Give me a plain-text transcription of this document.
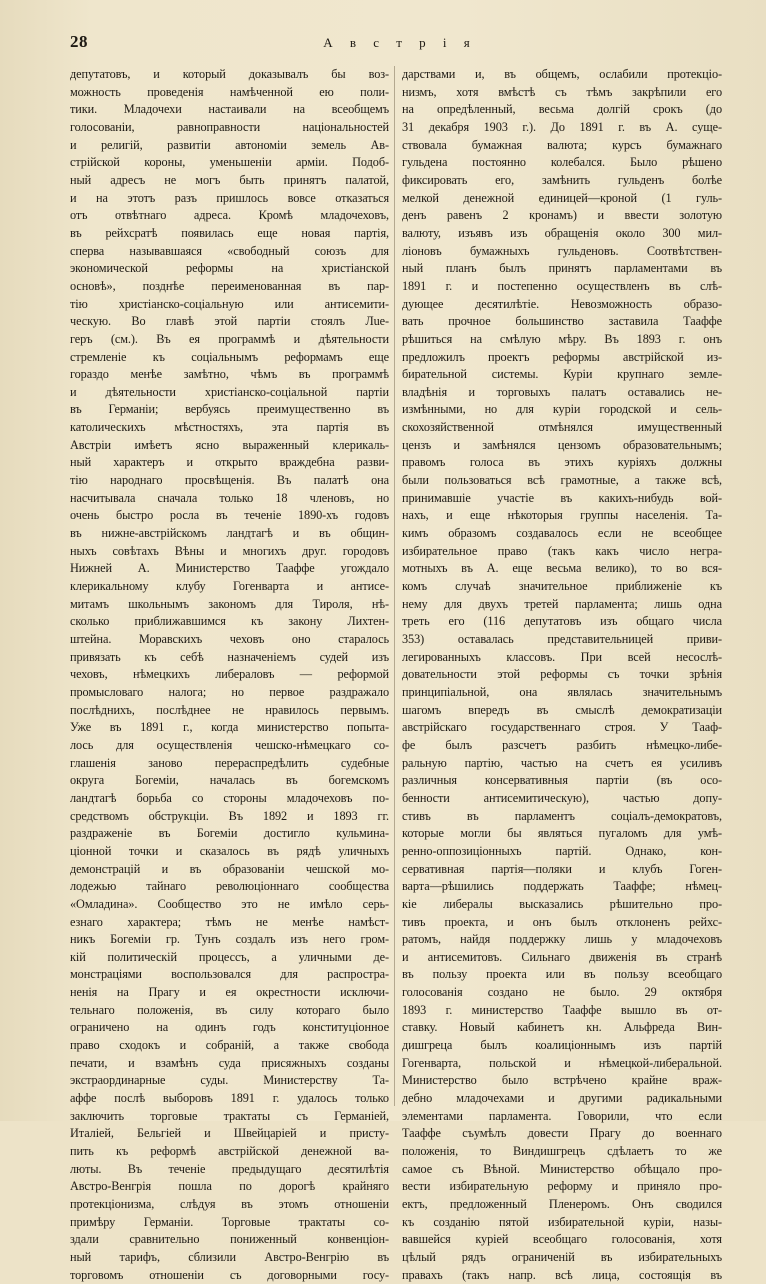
28	А в с т р і я
депутатовъ, и который доказывалъ бы воз-
можность проведенія намѣченной ею поли-
тики. Младочехи настаивали на всеобщемъ
голосованіи, равноправности національностей
и религій, развитіи автономіи земель Ав-
стрійской короны, уменьшеніи арміи. Подоб-
ный адресъ не могъ быть принятъ палатой,
и на этотъ разъ пришлось вовсе отказаться
отъ отвѣтнаго адреса. Кромѣ младочеховъ,
въ рейхсратѣ появилась еще новая партія,
сперва называвшаяся «свободный союзъ для
экономической реформы на христіанской
основѣ», позднѣе переименованная въ пар-
тію христіанско-соціальную или антисемити-
ческую. Во главѣ этой партіи стоялъ Лue-
геръ (см.). Въ ея программѣ и дѣятельности
стремленіе къ соціальнымъ реформамъ еще
гораздо менѣе замѣтно, чѣмъ въ программѣ
и дѣятельности христіанско-соціальной партіи
въ Германіи; вербуясь преимущественно въ
католическихъ мѣстностяхъ, эта партія въ
Австріи имѣетъ ясно выраженный клерикаль-
ный характеръ и открыто враждебна разви-
тію народнаго просвѣщенія. Въ палатѣ она
насчитывала сначала только 18 членовъ, но
очень быстро росла въ теченіе 1890-хъ годовъ
въ нижне-австрійскомъ ландтагѣ и въ общин-
ныхъ совѣтахъ Вѣны и многихъ друг. городовъ
Нижней А. Министерство Тааффе угождало
клерикальному клубу Гогенварта и антисе-
митамъ школьнымъ закономъ для Тироля, нѣ-
сколько приближавшимся къ закону Лихтен-
штейна. Моравскихъ чеховъ оно старалось
привязать къ себѣ назначеніемъ судей изъ
чеховъ, нѣмецкихъ либераловъ — реформой
промысловаго налога; но первое раздражало
послѣднихъ, послѣднее не нравилось первымъ.
Уже въ 1891 г., когда министерство попыта-
лось для осуществленія чешско-нѣмецкаго со-
глашенія заново перераспредѣлить судебные
округа Богеміи, началась въ богемскомъ
ландтагѣ борьба со стороны младочеховъ по-
средствомъ обструкціи. Въ 1892 и 1893 гг.
раздраженіе въ Богеміи достигло кульмина-
ціонной точки и сказалось въ рядѣ уличныхъ
демонстрацій и въ образованіи чешской мо-
лодежью тайнаго революціоннаго сообщества
«Омладина». Сообщество это не имѣло серь-
езнаго характера; тѣмъ не менѣе намѣст-
никъ Богеміи гр. Тунъ создалъ изъ него гром-
кій политическій процессъ, а уличными де-
монстраціями воспользовался для распростра-
ненія на Прагу и ея окрестности исключи-
тельнаго положенія, въ силу котораго было
ограничено на одинъ годъ конституціонное
право сходокъ и собраній, а также свобода
печати, и взамѣнъ суда присяжныхъ созданы
экстраординарные суды. Министерству Та-
аффе послѣ выборовъ 1891 г. удалось только
заключить торговые трактаты съ Германіей,
Италіей, Бельгіей и Швейцаріей и присту-
пить къ реформѣ австрійской денежной ва-
люты. Въ теченіе предыдущаго десятилѣтія
Австро-Венгрія пошла по дорогѣ крайняго
протекціонизма, слѣдуя въ этомъ отношеніи
примѣру Германіи. Торговые трактаты со-
здали сравнительно пониженный конвенціон-
ный тарифъ, сблизили Австро-Венгрію въ
торговомъ отношеніи съ договорными госу-
дарствами и, въ общемъ, ослабили протекціо-
низмъ, хотя вмѣстѣ съ тѣмъ закрѣпили его
на опредѣленный, весьма долгій срокъ (до
31 декабря 1903 г.). До 1891 г. въ А. суще-
ствовала бумажная валюта; курсъ бумажнаго
гульдена постоянно колебался. Было рѣшено
фиксировать его, замѣнить гульденъ болѣе
мелкой денежной единицей—кроной (1 гуль-
денъ равенъ 2 кронамъ) и ввести золотую
валюту, изъявъ изъ обращенія около 300 мил-
ліоновъ бумажныхъ гульденовъ. Соотвѣтствен-
ный планъ былъ принятъ парламентами въ
1891 г. и постепенно осуществленъ въ слѣ-
дующее десятилѣтіе. Невозможность образо-
вать прочное большинство заставила Тааффе
рѣшиться на смѣлую мѣру. Въ 1893 г. онъ
предложилъ проектъ реформы австрійской из-
бирательной системы. Куріи крупнаго земле-
владѣнія и торговыхъ палатъ оставались не-
измѣнными, но для куріи городской и сель-
скохозяйственной отмѣнялся имущественный
цензъ и замѣнялся цензомъ образовательнымъ;
правомъ голоса въ этихъ куріяхъ должны
были пользоваться всѣ грамотные, а также всѣ,
принимавшіе участіе въ какихъ-нибудь вой-
нахъ, и еще нѣкоторыя группы населенія. Та-
кимъ образомъ создавалось если не всеобщее
избирательное право (такъ какъ число негра-
мотныхъ въ А. еще весьма велико), то во вся-
комъ случаѣ значительное приближеніе къ
нему для двухъ третей парламента; лишь одна
треть его (116 депутатовъ изъ общаго числа
353) оставалась представительницей приви-
легированныхъ классовъ. При всей несослѣ-
довательности этой реформы съ точки зрѣнія
принципіальной, она являлась значительнымъ
шагомъ впередъ въ смыслѣ демократизаціи
австрійскаго государственнаго строя. У Тааф-
фе былъ разсчетъ разбить нѣмецко-либе-
ральную партію, частью на счетъ ея усиливъ
различныя консервативныя партіи (въ осо-
бенности антисемитическую), частью допу-
стивъ въ парламентъ соціалъ-демократовъ,
которые могли бы являться пугаломъ для умѣ-
ренно-оппозиціонныхъ партій. Однако, кон-
сервативная партія—поляки и клубъ Гоген-
варта—рѣшились поддержать Тааффе; нѣмец-
кіе либералы высказались рѣшительно про-
тивъ проекта, и онъ былъ отклоненъ рейхс-
ратомъ, найдя поддержку лишь у младочеховъ
и антисемитовъ. Сильнаго движенія въ странѣ
въ пользу проекта или въ пользу всеобщаго
голосованія создано не было. 29 октября
1893 г. министерство Тааффе вышло въ от-
ставку. Новый кабинетъ кн. Альфреда Вин-
дишгреца былъ коалиціоннымъ изъ партій
Гогенварта, польской и нѣмецкой-либеральной.
Министерство было встрѣчено крайне враж-
дебно младочехами и другими радикальными
элементами парламента. Говорили, что если
Тааффе съумѣлъ довести Прагу до военнаго
положенія, то Виндишгрецъ сдѣлаетъ то же
самое съ Вѣной. Министерство обѣщало про-
вести избирательную реформу и приняло про-
ектъ, предложенный Пленеромъ. Онъ сводился
къ созданію пятой избирательной куріи, назы-
вавшейся куріей всеобщаго голосованія, хотя
цѣлый рядъ ограниченій въ избирательныхъ
правахъ (такъ напр. всѣ лица, состоящія въ
